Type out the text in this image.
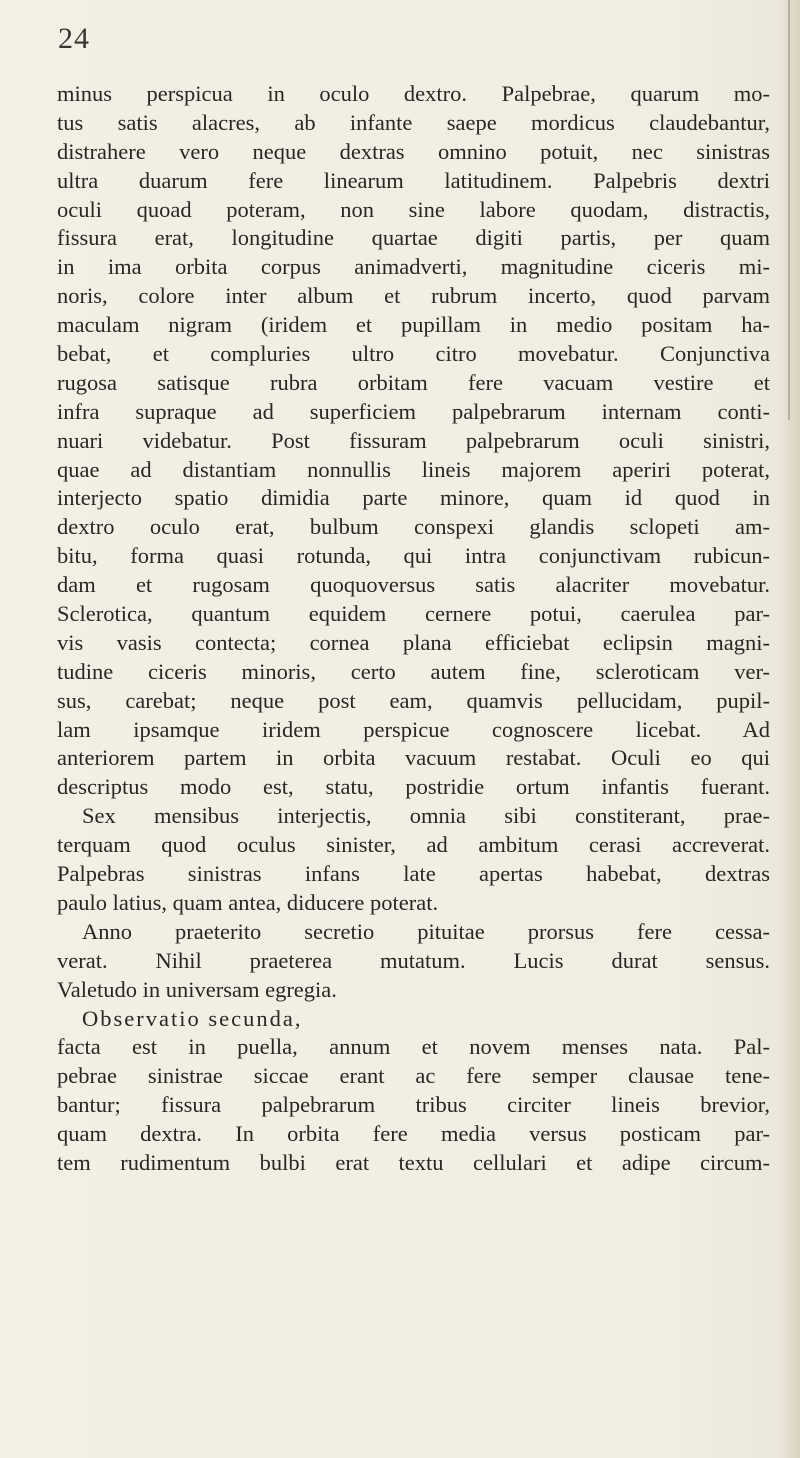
24
minus perspicua in oculo dextro. Palpebrae, quarum mo-
tus satis alacres, ab infante saepe mordicus claudebantur,
distrahere vero neque dextras omnino potuit, nec sinistras
ultra duarum fere linearum latitudinem. Palpebris dextri
oculi quoad poteram, non sine labore quodam, distractis,
fissura erat, longitudine quartae digiti partis, per quam
in ima orbita corpus animadverti, magnitudine ciceris mi-
noris, colore inter album et rubrum incerto, quod parvam
maculam nigram (iridem et pupillam in medio positam ha-
bebat, et compluries ultro citro movebatur. Conjunctiva
rugosa satisque rubra orbitam fere vacuam vestire et
infra supraque ad superficiem palpebrarum internam conti-
nuari videbatur. Post fissuram palpebrarum oculi sinistri,
quae ad distantiam nonnullis lineis majorem aperiri poterat,
interjecto spatio dimidia parte minore, quam id quod in
dextro oculo erat, bulbum conspexi glandis sclopeti am-
bitu, forma quasi rotunda, qui intra conjunctivam rubicun-
dam et rugosam quoquoversus satis alacriter movebatur.
Sclerotica, quantum equidem cernere potui, caerulea par-
vis vasis contecta; cornea plana efficiebat eclipsin magni-
tudine ciceris minoris, certo autem fine, scleroticam ver-
sus, carebat; neque post eam, quamvis pellucidam, pupil-
lam ipsamque iridem perspicue cognoscere licebat. Ad
anteriorem partem in orbita vacuum restabat. Oculi eo qui
descriptus modo est, statu, postridie ortum infantis fuerant.
Sex mensibus interjectis, omnia sibi constiterant, prae-
terquam quod oculus sinister, ad ambitum cerasi accreverat.
Palpebras sinistras infans late apertas habebat, dextras
paulo latius, quam antea, diducere poterat.
Anno praeterito secretio pituitae prorsus fere cessa-
verat. Nihil praeterea mutatum. Lucis durat sensus.
Valetudo in universam egregia.
Observatio secunda,
facta est in puella, annum et novem menses nata. Pal-
pebrae sinistrae siccae erant ac fere semper clausae tene-
bantur; fissura palpebrarum tribus circiter lineis brevior,
quam dextra. In orbita fere media versus posticam par-
tem rudimentum bulbi erat textu cellulari et adipe circum-
